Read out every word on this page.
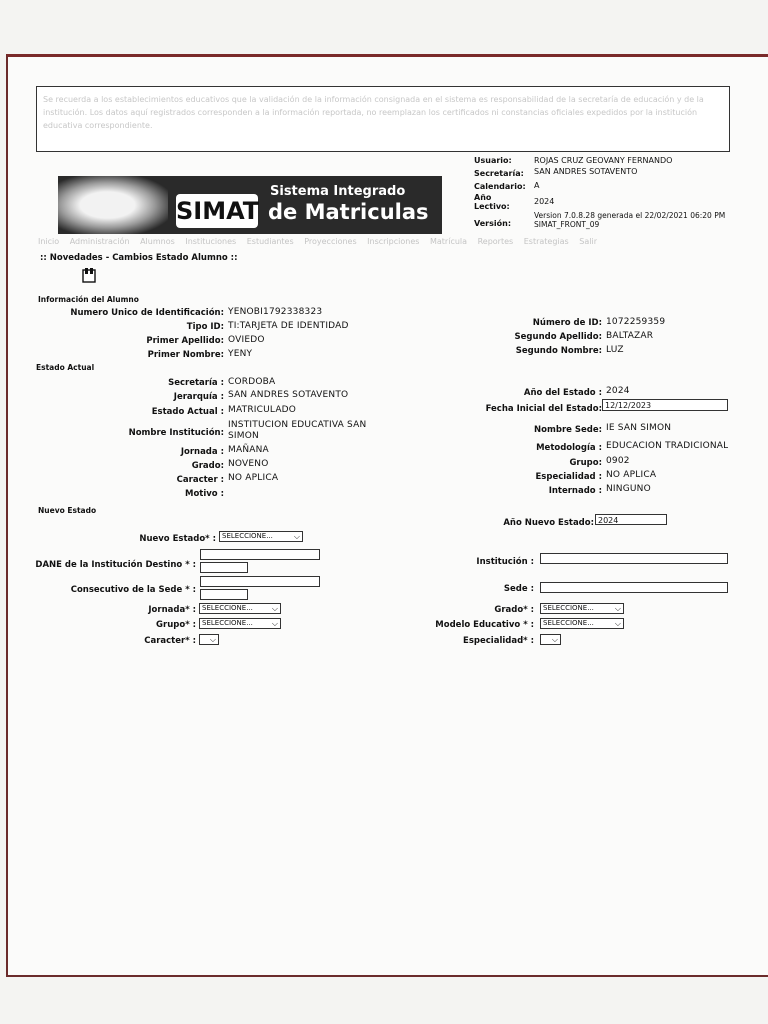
Se recuerda a los establecimientos educativos que la validación de la información consignada en el sistema es responsabilidad de la secretaría de educación y de la institución. Los datos aquí registrados corresponden a la información reportada, no reemplazan los certificados ni constancias oficiales expedidos por la institución educativa correspondiente.

SIMAT
Sistema Integrado
de Matriculas
Usuario:	ROJAS CRUZ GEOVANY FERNANDO
Secretaría: SAN ANDRES SOTAVENTO
Calendario: A
Año Lectivo:
2024
Versión:
Version 7.0.8.28 generada el 22/02/2021 06:20 PM SIMAT_FRONT_09
Inicio Administración Alumnos Instituciones Estudiantes Proyecciones Inscripciones Matrícula Reportes Estrategias Salir
:: Novedades - Cambios Estado Alumno ::
Información del Alumno
Numero Unico de Identificación: YENOBI1792338323
Tipo ID: TI:TARJETA DE IDENTIDAD
Primer Apellido: OVIEDO
Primer Nombre: YENY
Número de ID: 1072259359
Segundo Apellido: BALTAZAR
Segundo Nombre: LUZ
Estado Actual
Secretaría : CORDOBA
Jerarquía : SAN ANDRES SOTAVENTO
Estado Actual : MATRICULADO
Nombre Institución:
INSTITUCION EDUCATIVA SAN
SIMON
Jornada : MAÑANA
Grado: NOVENO
Caracter : NO APLICA
Motivo :
Año del Estado : 2024
Fecha Inicial del Estado: 12/12/2023
Nombre Sede: IE SAN SIMON
Metodología : EDUCACION TRADICIONAL
Grupo: 0902
Especialidad : NO APLICA
Internado : NINGUNO
Nuevo Estado
Nuevo Estado* : SELECCIONE...	⌵
Año Nuevo Estado: 2024
DANE de la Institución Destino * :	Institución :
Consecutivo de la Sede * :	Sede :
Jornada* : SELECCIONE... ⌵	Grado* :	SELECCIONE...	⌵
Grupo* : SELECCIONE... ⌵	Modelo Educativo * :	SELECCIONE...	⌵
Caracter* : ⌵	Especialidad* : ⌵
